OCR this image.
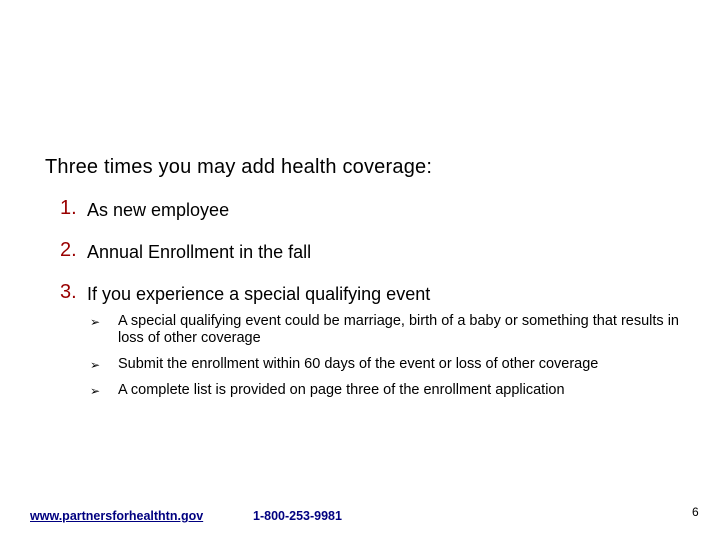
Three times you may add health coverage:
1. As new employee
2. Annual Enrollment in the fall
3. If you experience a special qualifying event
➢ A special qualifying event could be marriage, birth of a baby or something that results in loss of other coverage
➢ Submit the enrollment within 60 days of the event or loss of other coverage
➢ A complete list is provided on page three of the enrollment application
www.partnersforhealthtn.gov	1-800-253-9981	6
